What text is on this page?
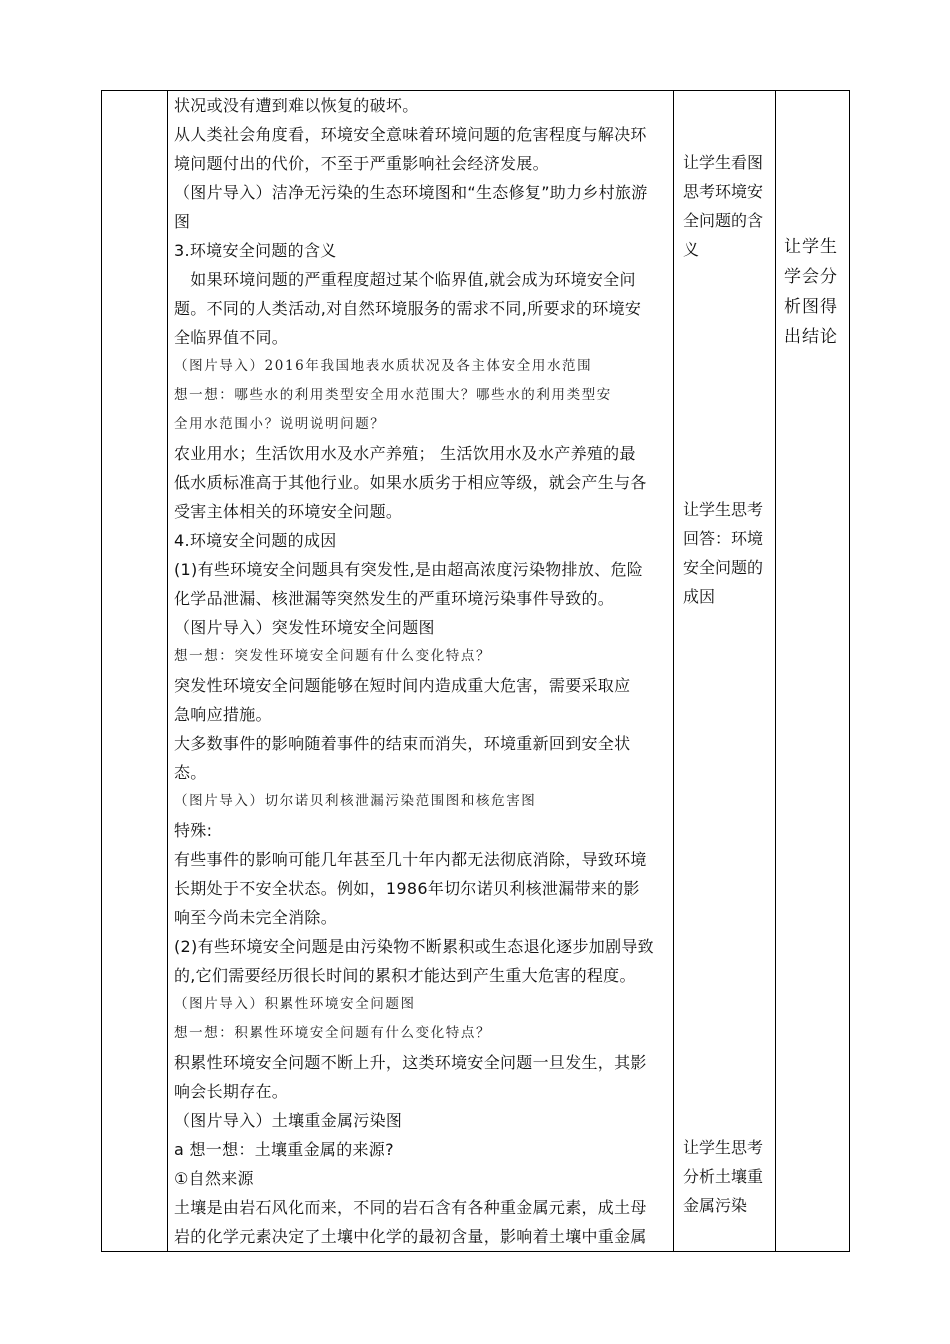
状况或没有遭到难以恢复的破坏。

从人类社会角度看，环境安全意味着环境问题的危害程度与解决环

境问题付出的代价，不至于严重影响社会经济发展。

（图片导入）洁净无污染的生态环境图和“生态修复”助力乡村旅游

图

3.环境安全问题的含义

　如果环境问题的严重程度超过某个临界值,就会成为环境安全问

题。不同的人类活动,对自然环境服务的需求不同,所要求的环境安

全临界值不同。

（图片导入）2016年我国地表水质状况及各主体安全用水范围

想一想：哪些水的利用类型安全用水范围大？哪些水的利用类型安

全用水范围小？说明说明问题？

农业用水；生活饮用水及水产养殖； 生活饮用水及水产养殖的最

低水质标准高于其他行业。如果水质劣于相应等级，就会产生与各

受害主体相关的环境安全问题。

4.环境安全问题的成因

(1)有些环境安全问题具有突发性,是由超高浓度污染物排放、危险

化学品泄漏、核泄漏等突然发生的严重环境污染事件导致的。

（图片导入）突发性环境安全问题图

想一想：突发性环境安全问题有什么变化特点？

突发性环境安全问题能够在短时间内造成重大危害，需要采取应

急响应措施。

大多数事件的影响随着事件的结束而消失，环境重新回到安全状

态。

（图片导入）切尔诺贝利核泄漏污染范围图和核危害图

特殊:

有些事件的影响可能几年甚至几十年内都无法彻底消除，导致环境

长期处于不安全状态。例如，1986年切尔诺贝利核泄漏带来的影

响至今尚未完全消除。

(2)有些环境安全问题是由污染物不断累积或生态退化逐步加剧导致

的,它们需要经历很长时间的累积才能达到产生重大危害的程度。

（图片导入）积累性环境安全问题图

想一想：积累性环境安全问题有什么变化特点？

积累性环境安全问题不断上升，这类环境安全问题一旦发生，其影

响会长期存在。

（图片导入）土壤重金属污染图

a 想一想：土壤重金属的来源?

①自然来源

土壤是由岩石风化而来，不同的岩石含有各种重金属元素，成土母

岩的化学元素决定了土壤中化学的最初含量，影响着土壤中重金属

让学生看图

思考环境安

全问题的含

义

让学生思考

回答：环境

安全问题的

成因

让学生思考

分析土壤重

金属污染

让学生

学会分

析图得

出结论
